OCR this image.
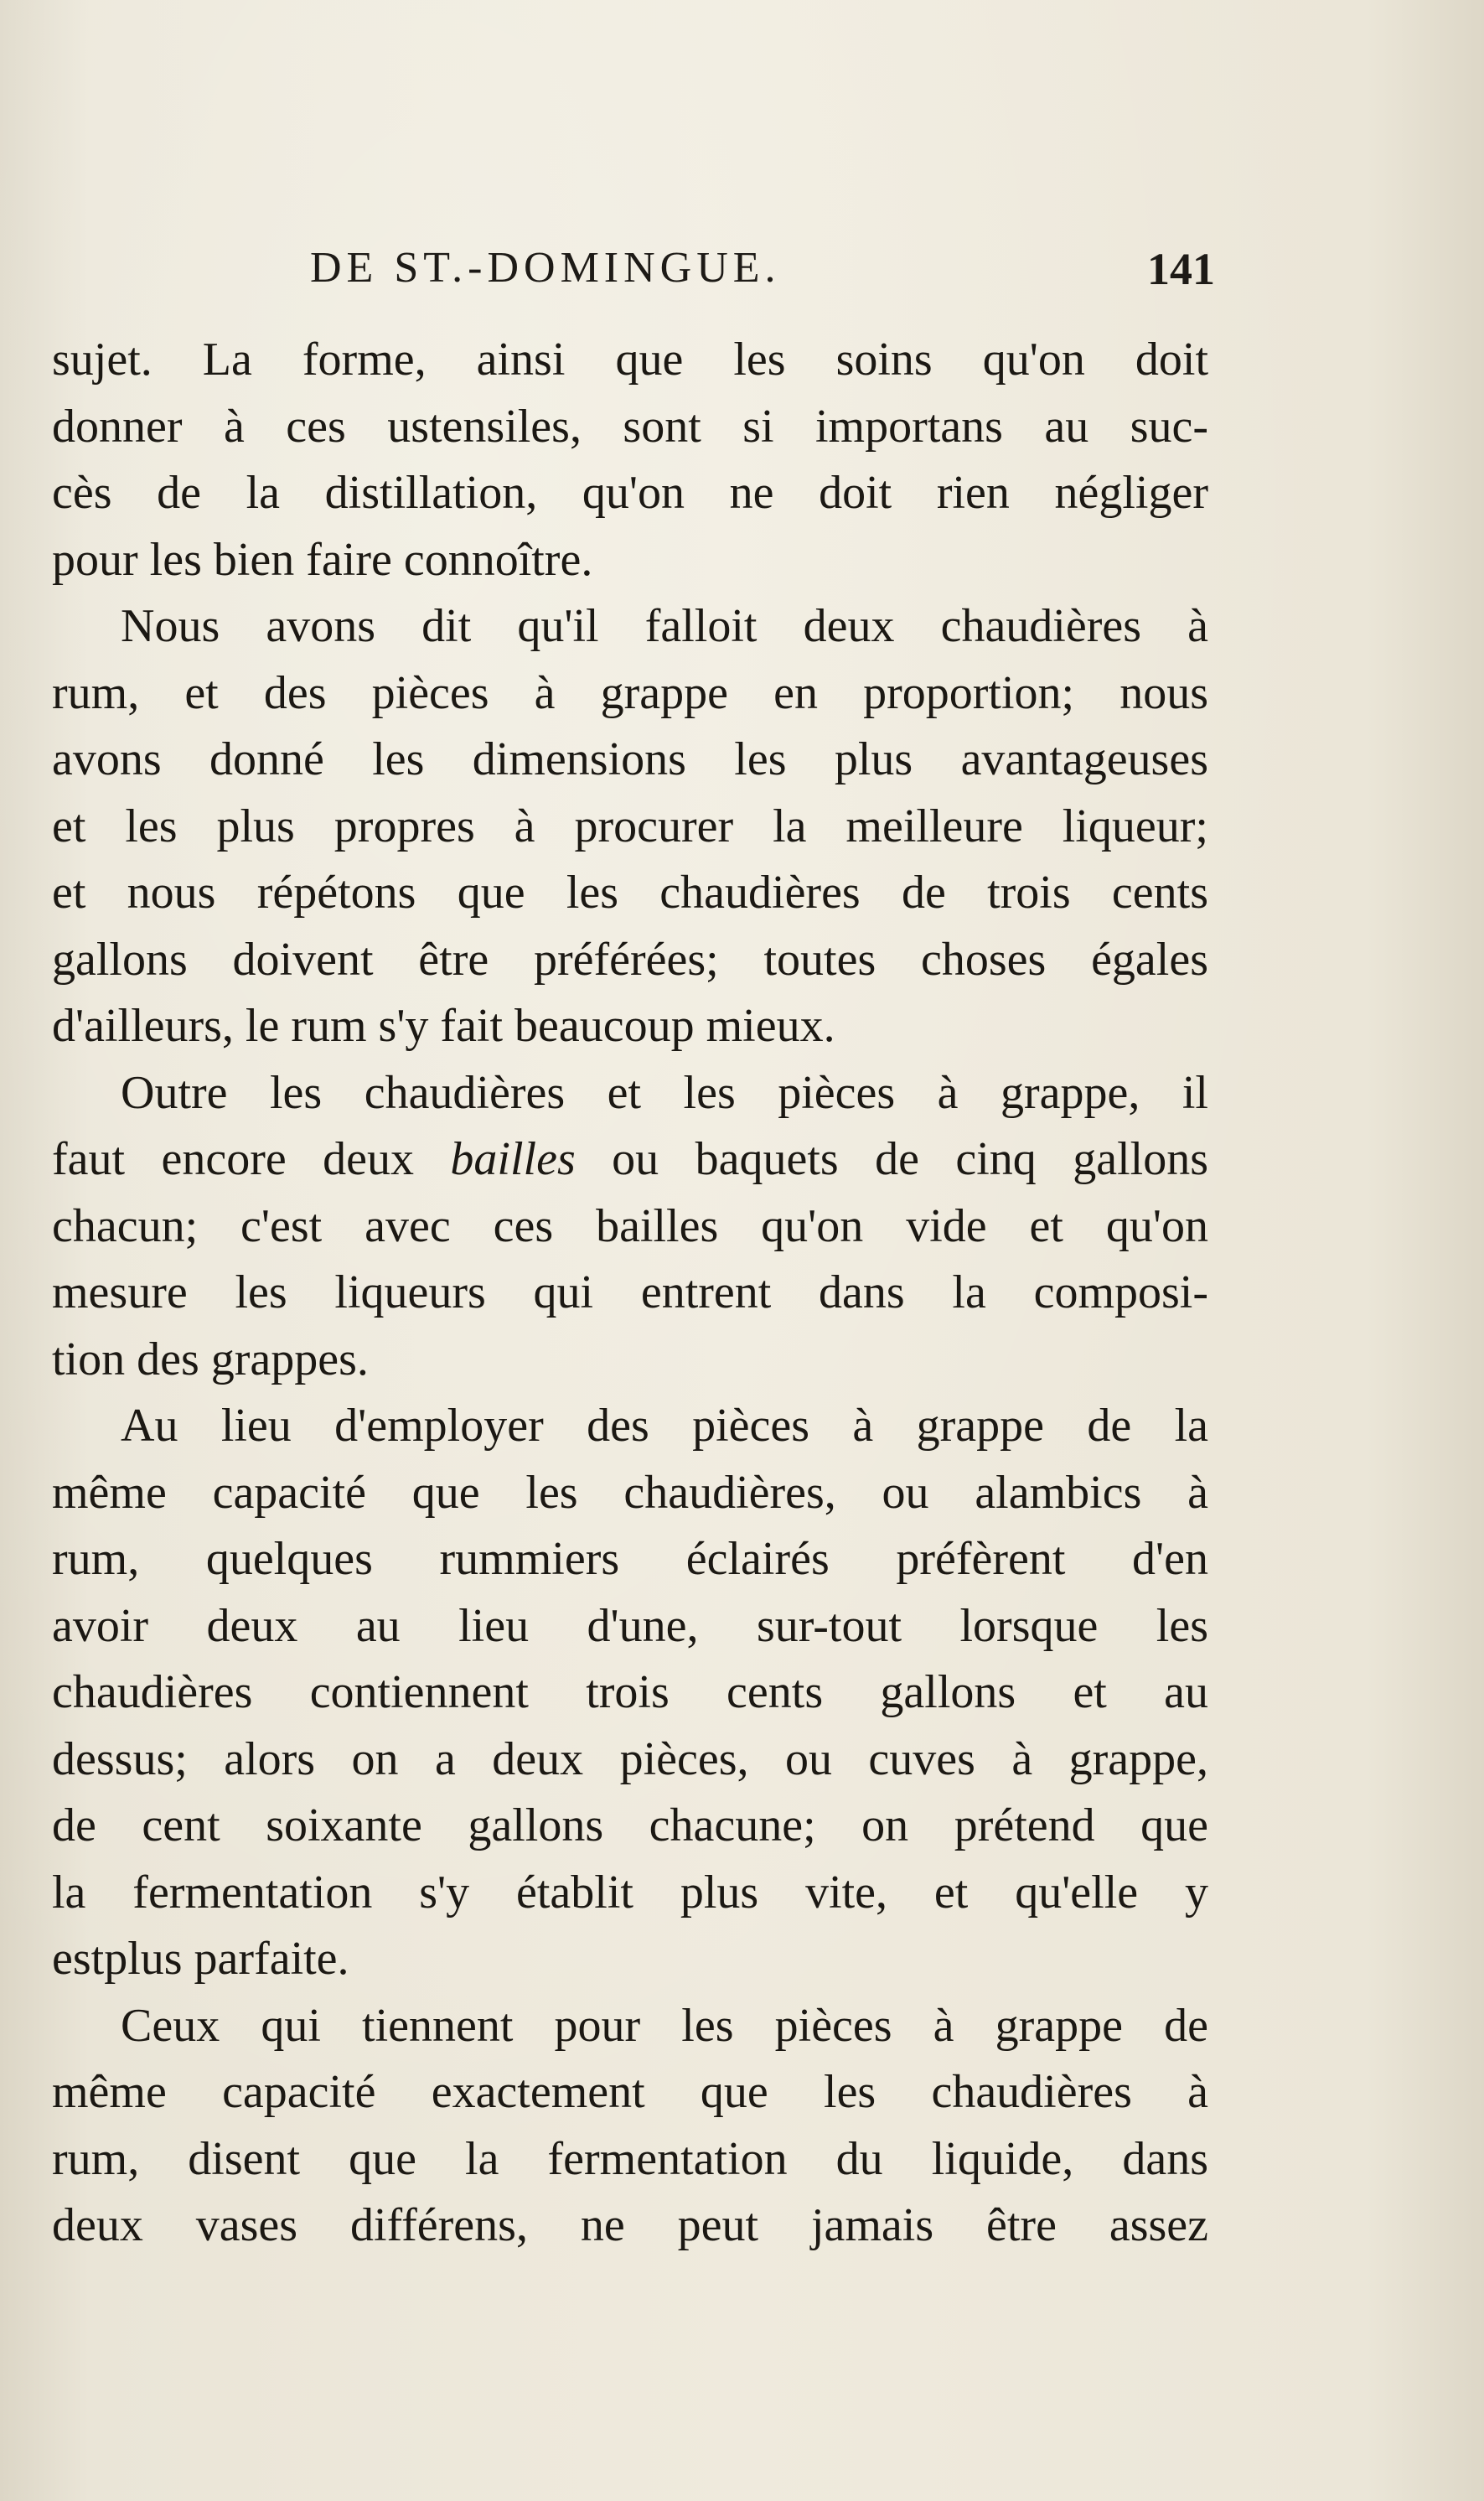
DE ST.-DOMINGUE.	141
sujet. La forme, ainsi que les soins qu'on doit
donner à ces ustensiles, sont si importans au suc-
cès de la distillation, qu'on ne doit rien négliger
pour les bien faire connoître.
Nous avons dit qu'il falloit deux chaudières à
rum, et des pièces à grappe en proportion; nous
avons donné les dimensions les plus avantageuses
et les plus propres à procurer la meilleure liqueur;
et nous répétons que les chaudières de trois cents
gallons doivent être préférées; toutes choses égales
d'ailleurs, le rum s'y fait beaucoup mieux.
Outre les chaudières et les pièces à grappe, il
faut encore deux bailles ou baquets de cinq gallons
chacun; c'est avec ces bailles qu'on vide et qu'on
mesure les liqueurs qui entrent dans la composi-
tion des grappes.
Au lieu d'employer des pièces à grappe de la
même capacité que les chaudières, ou alambics à
rum, quelques rummiers éclairés préfèrent d'en
avoir deux au lieu d'une, sur-tout lorsque les
chaudières contiennent trois cents gallons et au
dessus; alors on a deux pièces, ou cuves à grappe,
de cent soixante gallons chacune; on prétend que
la fermentation s'y établit plus vite, et qu'elle y
estplus parfaite.
Ceux qui tiennent pour les pièces à grappe de
même capacité exactement que les chaudières à
rum, disent que la fermentation du liquide, dans
deux vases différens, ne peut jamais être assez
